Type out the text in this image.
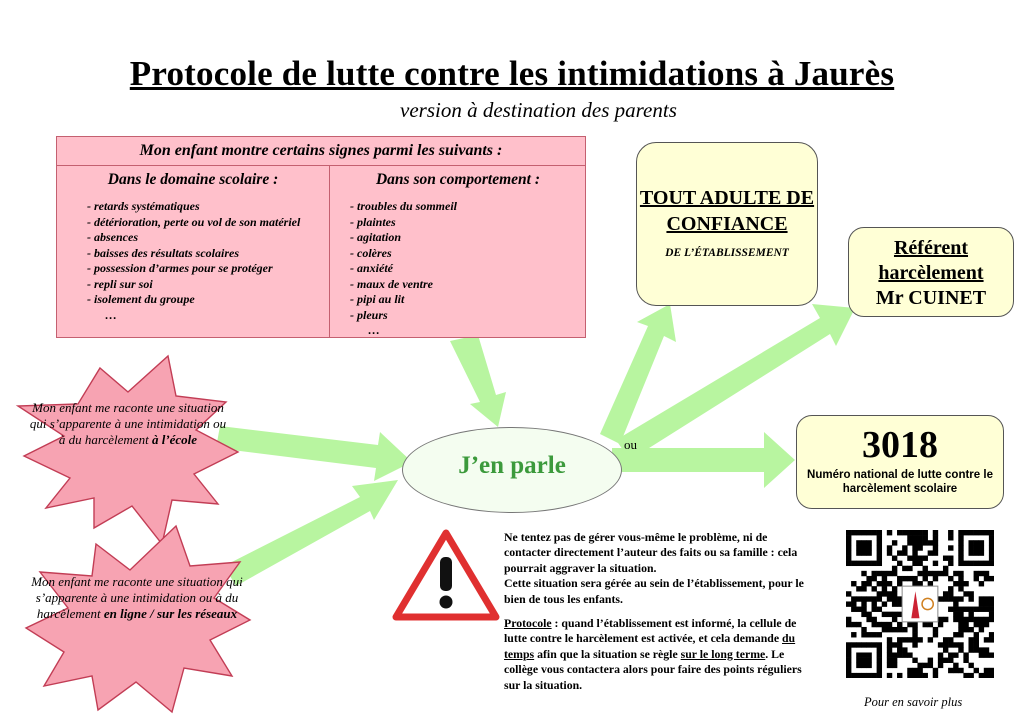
Protocole de lutte contre les intimidations à Jaurès
version à destination des parents
Mon enfant montre certains signes parmi les suivants :
Dans le domaine scolaire :
- retards systématiques
- détérioration, perte ou vol de son matériel
- absences
- baisses des résultats scolaires
- possession d’armes pour se protéger
- repli sur soi
- isolement du groupe
…
Dans son comportement :
- troubles du sommeil
- plaintes
- agitation
- colères
- anxiété
- maux de ventre
- pipi au lit
- pleurs
…
Mon enfant me raconte une situation qui s’apparente à une intimidation ou à du harcèlement à l’école
Mon enfant me raconte une situation qui s’apparente à une intimidation ou à du harcèlement en ligne / sur les réseaux
J’en parle
ou
TOUT ADULTE DE CONFIANCE
DE L’ÉTABLISSEMENT	Référent harcèlement
Mr CUINET
3018
Numéro national de lutte contre le harcèlement scolaire

Ne tentez pas de gérer vous-même le problème, ni de contacter directement l’auteur des faits ou sa famille : cela pourrait aggraver la situation.
Cette situation sera gérée au sein de l’établissement, pour le bien de tous les enfants.

Protocole : quand l’établissement est informé, la cellule de lutte contre le harcèlement est activée, et cela demande du temps afin que la situation se règle sur le long terme. Le collège vous contactera alors pour faire des points réguliers sur la situation.

Pour en savoir plus
